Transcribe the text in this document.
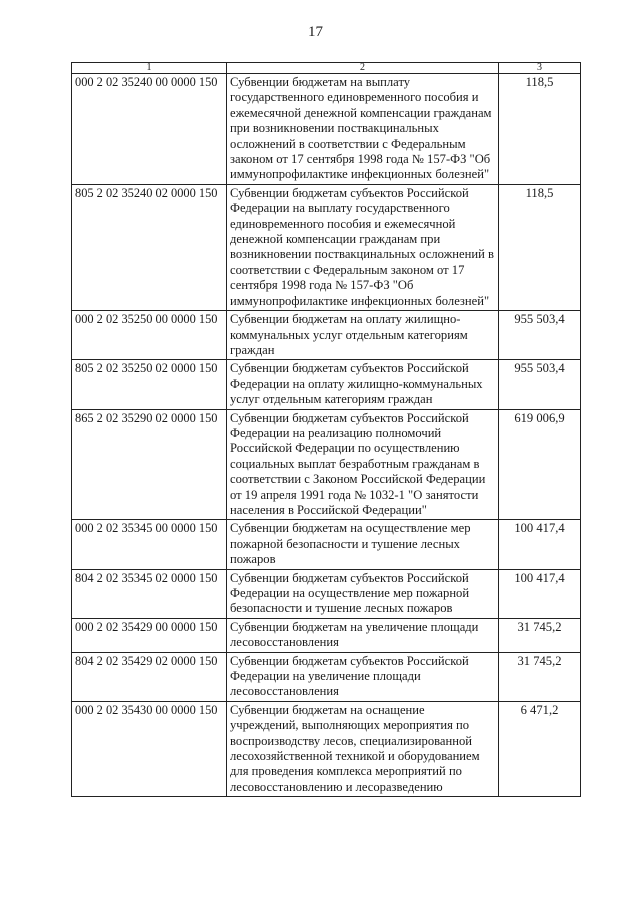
17
1	2	3
000 2 02 35240 00 0000 150	Субвенции бюджетам на выплату государственного единовременного пособия и ежемесячной денежной компенсации гражданам при возникновении поствакцинальных осложнений в соответствии с Федеральным законом от 17 сентября 1998 года № 157-ФЗ "Об иммунопрофилактике инфекционных болезней"	118,5
805 2 02 35240 02 0000 150	Субвенции бюджетам субъектов Российской Федерации на выплату государственного единовременного пособия и ежемесячной денежной компенсации гражданам при возникновении поствакцинальных осложнений в соответствии с Федеральным законом от 17 сентября 1998 года № 157-ФЗ "Об иммунопрофилактике инфекционных болезней"	118,5
000 2 02 35250 00 0000 150	Субвенции бюджетам на оплату жилищно-коммунальных услуг отдельным категориям граждан	955 503,4
805 2 02 35250 02 0000 150	Субвенции бюджетам субъектов Российской Федерации на оплату жилищно-коммунальных услуг отдельным категориям граждан	955 503,4
865 2 02 35290 02 0000 150	Субвенции бюджетам субъектов Российской Федерации на реализацию полномочий Российской Федерации по осуществлению социальных выплат безработным гражданам в соответствии с Законом Российской Федерации от 19 апреля 1991 года № 1032-1 "О занятости населения в Российской Федерации"	619 006,9
000 2 02 35345 00 0000 150	Субвенции бюджетам на осуществление мер пожарной безопасности и тушение лесных пожаров	100 417,4
804 2 02 35345 02 0000 150	Субвенции бюджетам субъектов Российской Федерации на осуществление мер пожарной безопасности и тушение лесных пожаров	100 417,4
000 2 02 35429 00 0000 150	Субвенции бюджетам на увеличение площади лесовосстановления	31 745,2
804 2 02 35429 02 0000 150	Субвенции бюджетам субъектов Российской Федерации на увеличение площади лесовосстановления	31 745,2
000 2 02 35430 00 0000 150	Субвенции бюджетам на оснащение учреждений, выполняющих мероприятия по воспроизводству лесов, специализированной лесохозяйственной техникой и оборудованием для проведения комплекса мероприятий по лесовосстановлению и лесоразведению	6 471,2
